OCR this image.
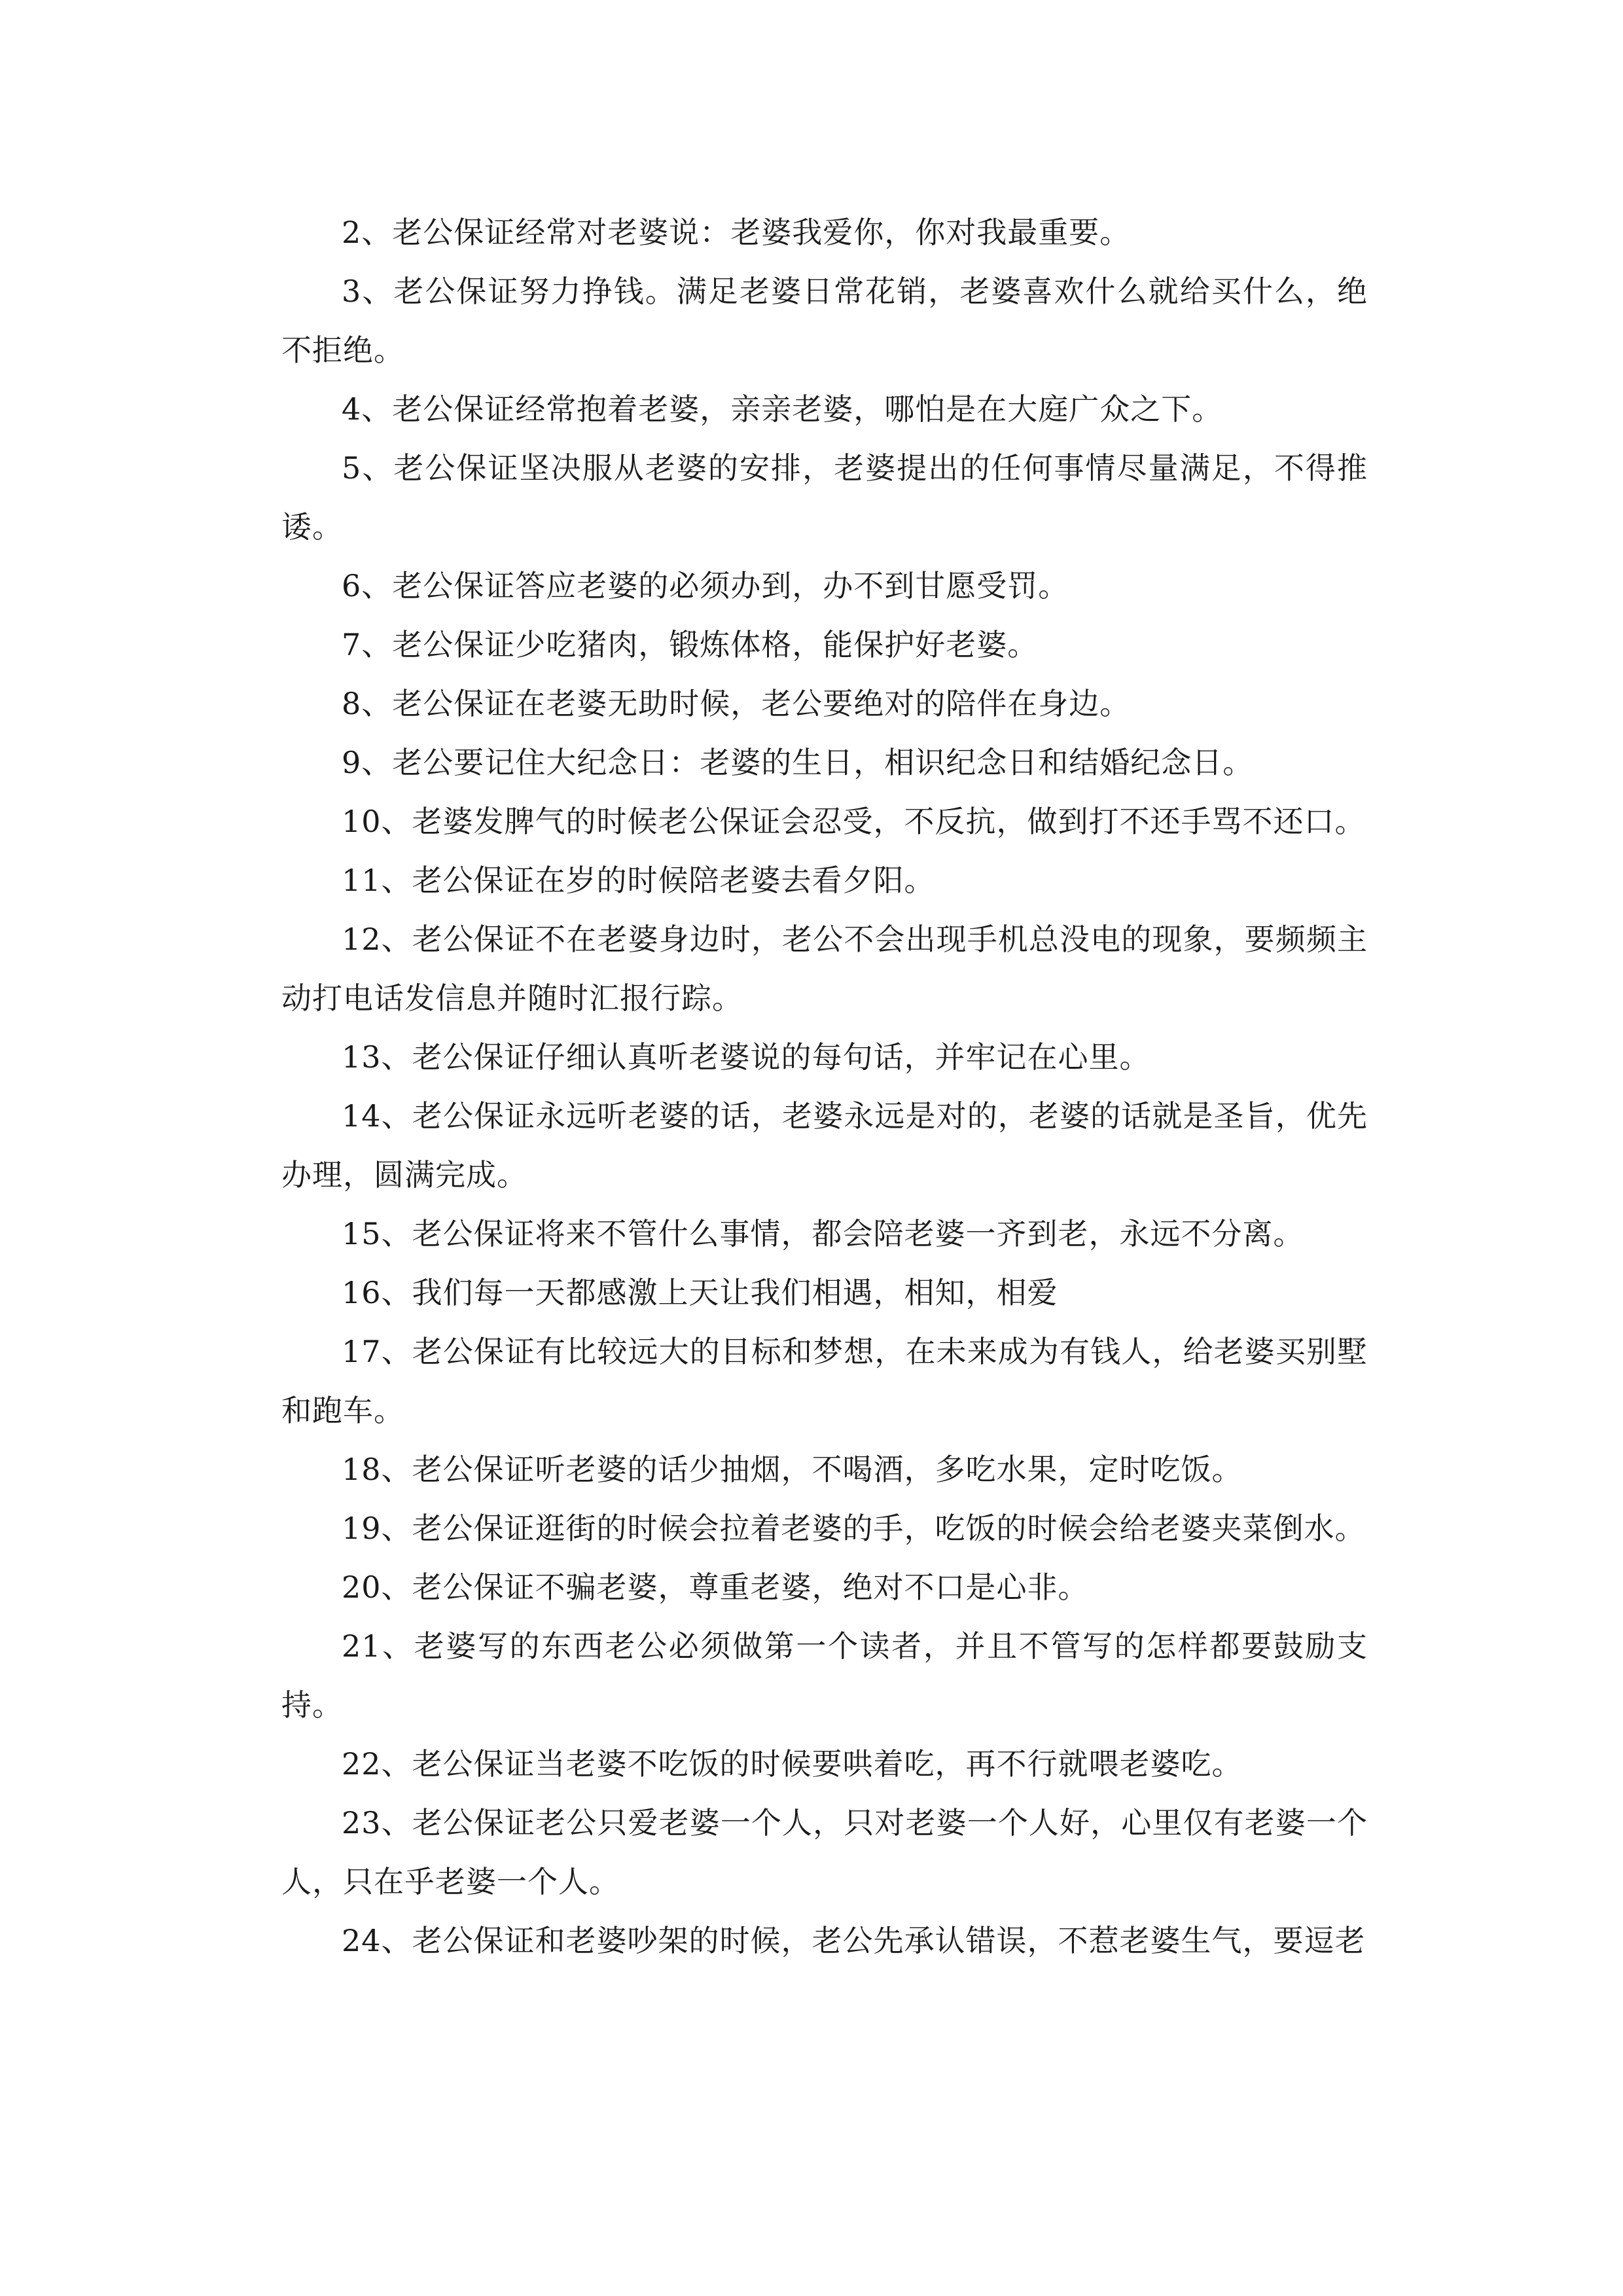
2、老公保证经常对老婆说：老婆我爱你，你对我最重要。

3、老公保证努力挣钱。满足老婆日常花销，老婆喜欢什么就给买什么，绝不拒绝。

4、老公保证经常抱着老婆，亲亲老婆，哪怕是在大庭广众之下。

5、老公保证坚决服从老婆的安排，老婆提出的任何事情尽量满足，不得推诿。

6、老公保证答应老婆的必须办到，办不到甘愿受罚。

7、老公保证少吃猪肉，锻炼体格，能保护好老婆。

8、老公保证在老婆无助时候，老公要绝对的陪伴在身边。

9、老公要记住大纪念日：老婆的生日，相识纪念日和结婚纪念日。

10、老婆发脾气的时候老公保证会忍受，不反抗，做到打不还手骂不还口。

11、老公保证在岁的时候陪老婆去看夕阳。

12、老公保证不在老婆身边时，老公不会出现手机总没电的现象，要频频主动打电话发信息并随时汇报行踪。

13、老公保证仔细认真听老婆说的每句话，并牢记在心里。

14、老公保证永远听老婆的话，老婆永远是对的，老婆的话就是圣旨，优先办理，圆满完成。

15、老公保证将来不管什么事情，都会陪老婆一齐到老，永远不分离。

16、我们每一天都感激上天让我们相遇，相知，相爱

17、老公保证有比较远大的目标和梦想，在未来成为有钱人，给老婆买别墅和跑车。

18、老公保证听老婆的话少抽烟，不喝酒，多吃水果，定时吃饭。

19、老公保证逛街的时候会拉着老婆的手，吃饭的时候会给老婆夹菜倒水。

20、老公保证不骗老婆，尊重老婆，绝对不口是心非。

21、老婆写的东西老公必须做第一个读者，并且不管写的怎样都要鼓励支持。

22、老公保证当老婆不吃饭的时候要哄着吃，再不行就喂老婆吃。

23、老公保证老公只爱老婆一个人，只对老婆一个人好，心里仅有老婆一个人，只在乎老婆一个人。

24、老公保证和老婆吵架的时候，老公先承认错误，不惹老婆生气，要逗老
